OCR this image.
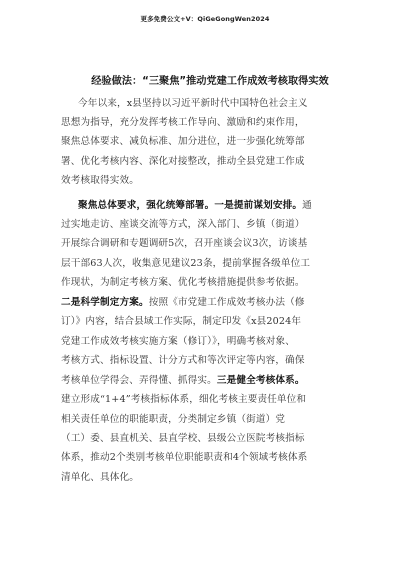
更多免费公文+V：QiGeGongWen2024
经验做法：“三聚焦”推动党建工作成效考核取得实效
今年以来，x县坚持以习近平新时代中国特色社会主义
思想为指导，充分发挥考核工作导向、激励和约束作用，
聚焦总体要求、减负标准、加分进位，进一步强化统筹部
署、优化考核内容、深化对接整改，推动全县党建工作成
效考核取得实效。
聚焦总体要求，强化统筹部署。一是提前谋划安排。通
过实地走访、座谈交流等方式，深入部门、乡镇（街道）
开展综合调研和专题调研5次，召开座谈会议3次，访谈基
层干部63人次，收集意见建议23条，提前掌握各级单位工
作现状，为制定考核方案、优化考核措施提供参考依据。
二是科学制定方案。按照《市党建工作成效考核办法（修
订）》内容，结合县域工作实际，制定印发《x县2024年
党建工作成效考核实施方案（修订）》，明确考核对象、
考核方式、指标设置、计分方式和等次评定等内容，确保
考核单位学得会、弄得懂、抓得实。三是健全考核体系。
建立形成“1+4”考核指标体系，细化考核主要责任单位和
相关责任单位的职能职责，分类制定乡镇（街道）党
（工）委、县直机关、县直学校、县级公立医院考核指标
体系，推动2个类别考核单位职能职责和4个领域考核体系
清单化、具体化。
